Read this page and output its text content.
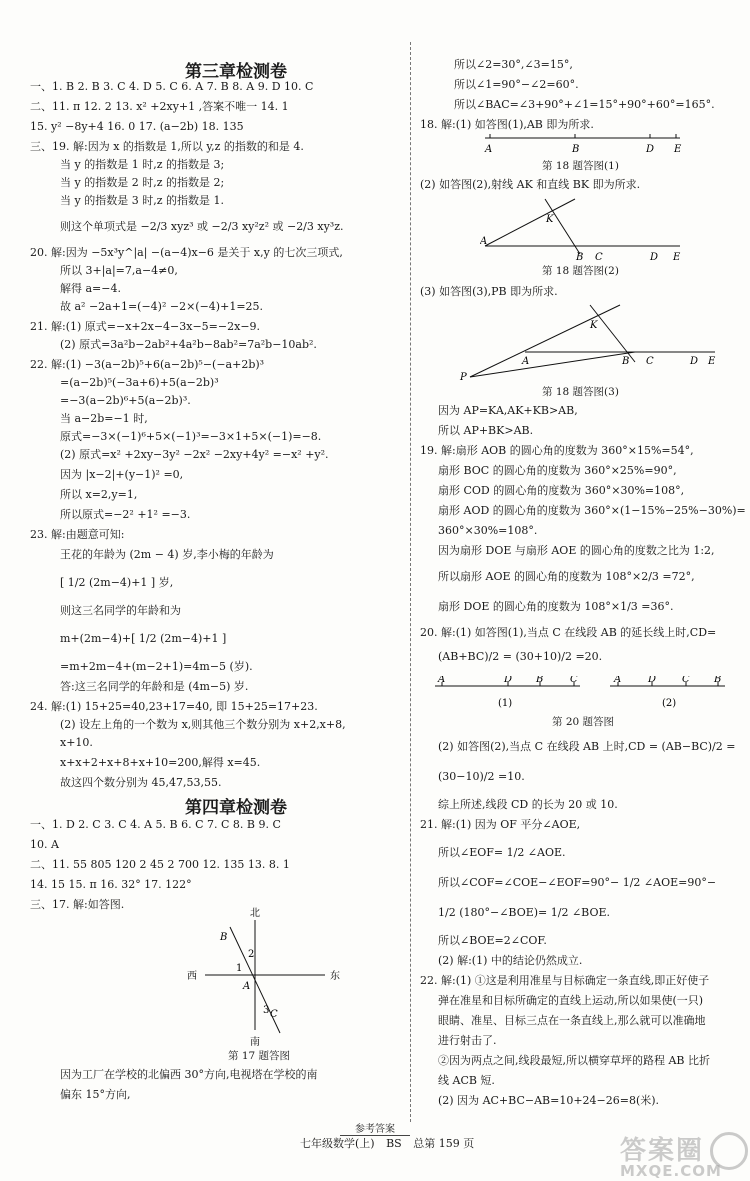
第三章检测卷
一、1. B 2. B 3. C 4. D 5. C 6. A 7. B 8. A 9. D 10. C
二、11. π 12. 2 13. x² +2xy+1 ,答案不唯一 14. 1
15. y² −8y+4 16. 0 17. (a−2b) 18. 135
三、19. 解:因为 x 的指数是 1,所以 y,z 的指数的和是 4.
当 y 的指数是 1 时,z 的指数是 3;
当 y 的指数是 2 时,z 的指数是 2;
当 y 的指数是 3 时,z 的指数是 1.
则这个单项式是 −2/3 xyz³ 或 −2/3 xy²z² 或 −2/3 xy³z.
20. 解:因为 −5x³y^|a| −(a−4)x−6 是关于 x,y 的七次三项式,
所以 3+|a|=7,a−4≠0,
解得 a=−4.
故 a² −2a+1=(−4)² −2×(−4)+1=25.
21. 解:(1) 原式=−x+2x−4−3x−5=−2x−9.
(2) 原式=3a²b−2ab²+4a²b−8ab²=7a²b−10ab².
22. 解:(1) −3(a−2b)⁵+6(a−2b)⁵−(−a+2b)³
=(a−2b)⁵(−3a+6)+5(a−2b)³
=−3(a−2b)⁶+5(a−2b)³.
当 a−2b=−1 时,
原式=−3×(−1)⁶+5×(−1)³=−3×1+5×(−1)=−8.
(2) 原式=x² +2xy−3y² −2x² −2xy+4y² =−x² +y².
因为 |x−2|+(y−1)² =0,
所以 x=2,y=1,
所以原式=−2² +1² =−3.
23. 解:由题意可知:
王花的年龄为 (2m − 4) 岁,李小梅的年龄为
[ 1/2 (2m−4)+1 ] 岁,
则这三名同学的年龄和为
m+(2m−4)+[ 1/2 (2m−4)+1 ]
=m+2m−4+(m−2+1)=4m−5 (岁).
答:这三名同学的年龄和是 (4m−5) 岁.
24. 解:(1) 15+25=40,23+17=40, 即 15+25=17+23.
(2) 设左上角的一个数为 x,则其他三个数分别为 x+2,x+8,
x+10.
x+x+2+x+8+x+10=200,解得 x=45.
故这四个数分别为 45,47,53,55.
第四章检测卷
一、1. D 2. C 3. C 4. A 5. B 6. C 7. C 8. B 9. C
10. A
二、11. 55 805 120 2 45 2 700 12. 135 13. 8. 1
14. 15 15. π 16. 32° 17. 122°
三、17. 解:如答图.
北
南
西	东
B
C
A
1
2
3
第 17 题答图
因为工厂在学校的北偏西 30°方向,电视塔在学校的南
偏东 15°方向,
所以∠2=30°,∠3=15°,
所以∠1=90°−∠2=60°.
所以∠BAC=∠3+90°+∠1=15°+90°+60°=165°.
18. 解:(1) 如答图(1),AB 即为所求.
A	B	D E
第 18 题答图(1)
(2) 如答图(2),射线 AK 和直线 BK 即为所求.
A
K
B C	D E
第 18 题答图(2)
(3) 如答图(3),PB 即为所求.
P
A
K
B C	D E
第 18 题答图(3)
因为 AP=KA,AK+KB>AB,
所以 AP+BK>AB.
19. 解:扇形 AOB 的圆心角的度数为 360°×15%=54°,
扇形 BOC 的圆心角的度数为 360°×25%=90°,
扇形 COD 的圆心角的度数为 360°×30%=108°,
扇形 AOD 的圆心角的度数为 360°×(1−15%−25%−30%)=
360°×30%=108°.
因为扇形 DOE 与扇形 AOE 的圆心角的度数之比为 1:2,
所以扇形 AOE 的圆心角的度数为 108°×2/3 =72°,
扇形 DOE 的圆心角的度数为 108°×1/3 =36°.
20. 解:(1) 如答图(1),当点 C 在线段 AB 的延长线上时,CD=
(AB+BC)/2 = (30+10)/2 =20.
A	D B	C
(1)
A	D	C B
(2)
第 20 题答图
(2) 如答图(2),当点 C 在线段 AB 上时,CD = (AB−BC)/2 =
(30−10)/2 =10.
综上所述,线段 CD 的长为 20 或 10.
21. 解:(1) 因为 OF 平分∠AOE,
所以∠EOF= 1/2 ∠AOE.
所以∠COF=∠COE−∠EOF=90°− 1/2 ∠AOE=90°−
1/2 (180°−∠BOE)= 1/2 ∠BOE.
所以∠BOE=2∠COF.
(2) 解:(1) 中的结论仍然成立.
22. 解:(1) ①这是利用准星与目标确定一条直线,即正好使子
弹在准星和目标所确定的直线上运动,所以如果使(一只)
眼睛、准星、目标三点在一条直线上,那么就可以准确地
进行射击了.
②因为两点之间,线段最短,所以横穿草坪的路程 AB 比折
线 ACB 短.
(2) 因为 AC+BC−AB=10+24−26=8(米).
参考答案
七年级数学(上) BS 总第 159 页	答案圈
MXQE.COM
